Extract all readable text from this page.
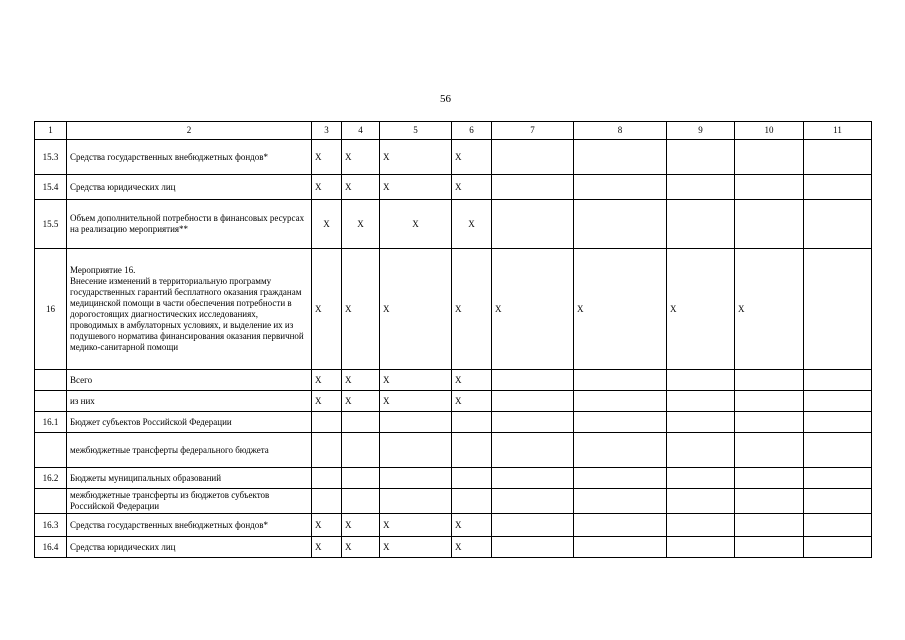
56
1	2	3	4	5	6	7	8	9	10	11
15.3	Средства государственных внебюджетных фондов*	X	X	X	X					
15.4	Средства юридических лиц	X	X	X	X					
15.5	Объем дополнительной потребности в финансовых ресурсах на реализацию мероприятия**	X	X	X	X					
16	Мероприятие 16.
Внесение изменений в территориальную программу государственных гарантий бесплатного оказания гражданам медицинской помощи в части обеспечения потребности в дорогостоящих диагностических исследованиях, проводимых в амбулаторных условиях, и выделение их из подушевого норматива финансирования оказания первичной медико-санитарной помощи	X	X	X	X	X	X	X	X	
	Всего	X	X	X	X					
	из них	X	X	X	X					
16.1	Бюджет субъектов Российской Федерации									
	межбюджетные трансферты федерального бюджета									
16.2	Бюджеты муниципальных образований									
	межбюджетные трансферты из бюджетов субъектов Российской Федерации									
16.3	Средства государственных внебюджетных фондов*	X	X	X	X					
16.4	Средства юридических лиц	X	X	X	X					
